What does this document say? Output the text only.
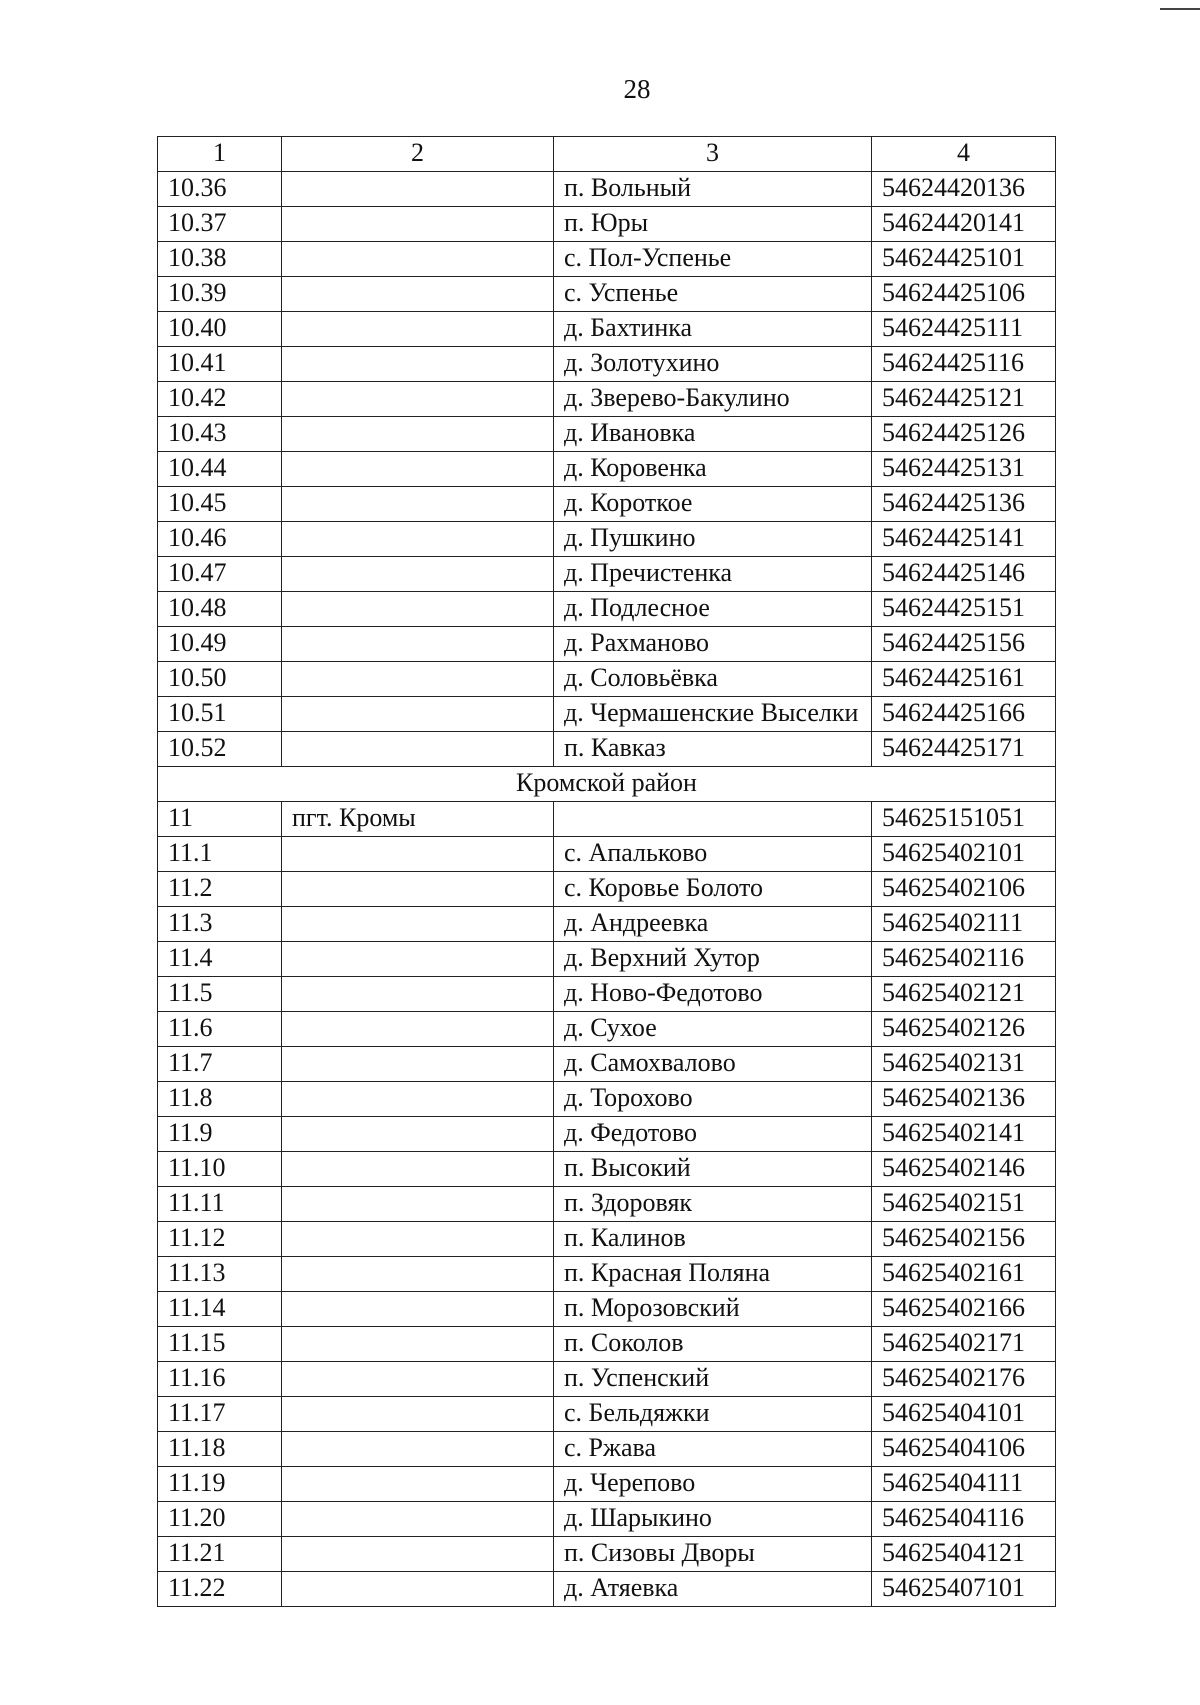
28
1	2	3	4
10.36		п. Вольный	54624420136
10.37		п. Юры	54624420141
10.38		с. Пол-Успенье	54624425101
10.39		с. Успенье	54624425106
10.40		д. Бахтинка	54624425111
10.41		д. Золотухино	54624425116
10.42		д. Зверево-Бакулино	54624425121
10.43		д. Ивановка	54624425126
10.44		д. Коровенка	54624425131
10.45		д. Короткое	54624425136
10.46		д. Пушкино	54624425141
10.47		д. Пречистенка	54624425146
10.48		д. Подлесное	54624425151
10.49		д. Рахманово	54624425156
10.50		д. Соловьёвка	54624425161
10.51		д. Чермашенские Выселки	54624425166
10.52		п. Кавказ	54624425171
Кромской район			
11	пгт. Кромы		54625151051
11.1		с. Апальково	54625402101
11.2		с. Коровье Болото	54625402106
11.3		д. Андреевка	54625402111
11.4		д. Верхний Хутор	54625402116
11.5		д. Ново-Федотово	54625402121
11.6		д. Сухое	54625402126
11.7		д. Самохвалово	54625402131
11.8		д. Торохово	54625402136
11.9		д. Федотово	54625402141
11.10		п. Высокий	54625402146
11.11		п. Здоровяк	54625402151
11.12		п. Калинов	54625402156
11.13		п. Красная Поляна	54625402161
11.14		п. Морозовский	54625402166
11.15		п. Соколов	54625402171
11.16		п. Успенский	54625402176
11.17		с. Бельдяжки	54625404101
11.18		с. Ржава	54625404106
11.19		д. Черепово	54625404111
11.20		д. Шарыкино	54625404116
11.21		п. Сизовы Дворы	54625404121
11.22		д. Атяевка	54625407101
